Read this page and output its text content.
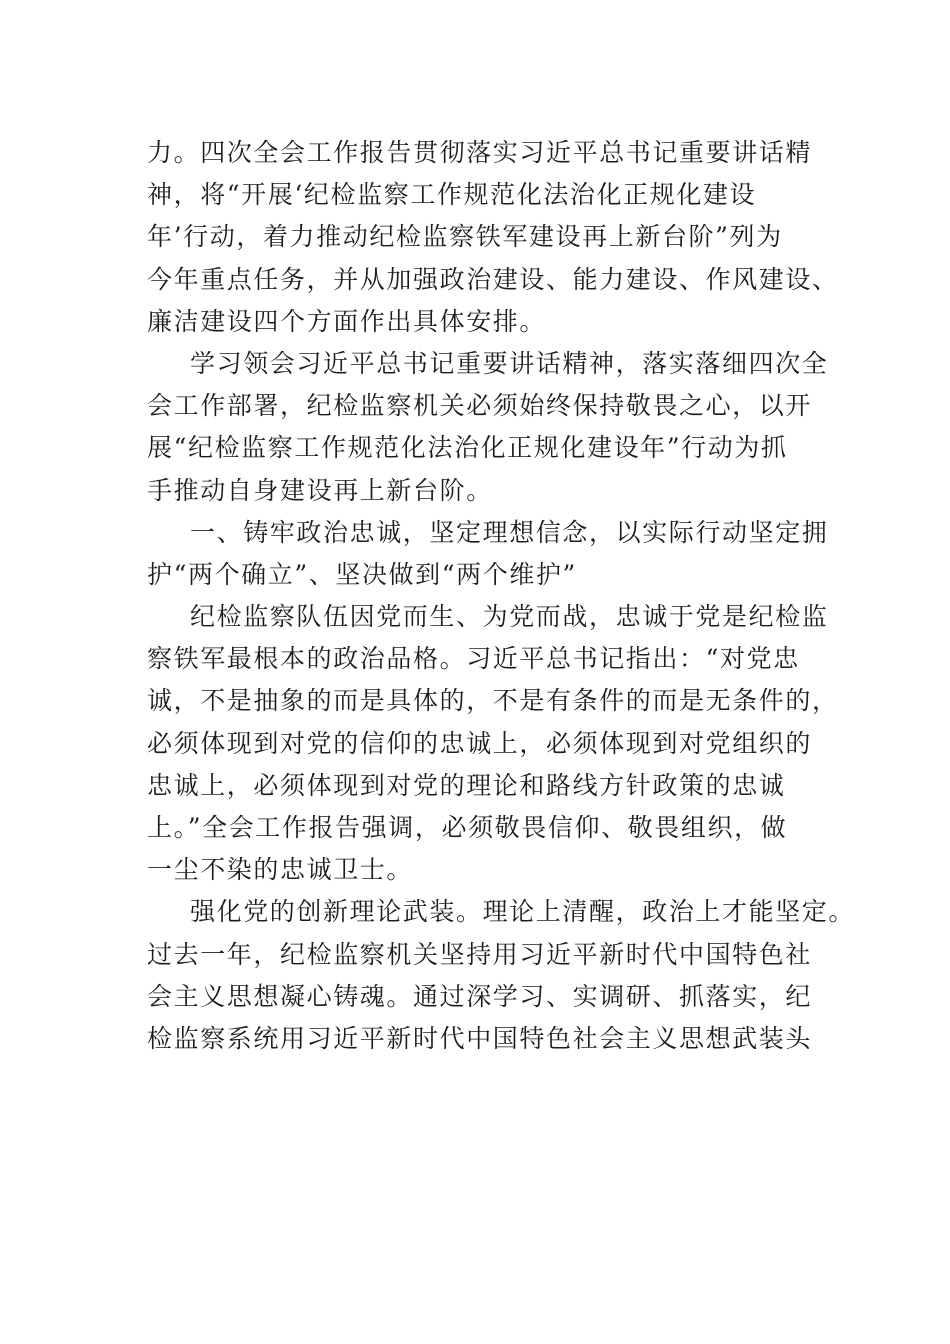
力。四次全会工作报告贯彻落实习近平总书记重要讲话精
神，将“开展‘纪检监察工作规范化法治化正规化建设
年’行动，着力推动纪检监察铁军建设再上新台阶”列为
今年重点任务，并从加强政治建设、能力建设、作风建设、
廉洁建设四个方面作出具体安排。
学习领会习近平总书记重要讲话精神，落实落细四次全
会工作部署，纪检监察机关必须始终保持敬畏之心，以开
展“纪检监察工作规范化法治化正规化建设年”行动为抓
手推动自身建设再上新台阶。
一、铸牢政治忠诚，坚定理想信念，以实际行动坚定拥
护“两个确立”、坚决做到“两个维护”
纪检监察队伍因党而生、为党而战，忠诚于党是纪检监
察铁军最根本的政治品格。习近平总书记指出：“对党忠
诚，不是抽象的而是具体的，不是有条件的而是无条件的，
必须体现到对党的信仰的忠诚上，必须体现到对党组织的
忠诚上，必须体现到对党的理论和路线方针政策的忠诚
上。”全会工作报告强调，必须敬畏信仰、敬畏组织，做
一尘不染的忠诚卫士。
强化党的创新理论武装。理论上清醒，政治上才能坚定。
过去一年，纪检监察机关坚持用习近平新时代中国特色社
会主义思想凝心铸魂。通过深学习、实调研、抓落实，纪
检监察系统用习近平新时代中国特色社会主义思想武装头
